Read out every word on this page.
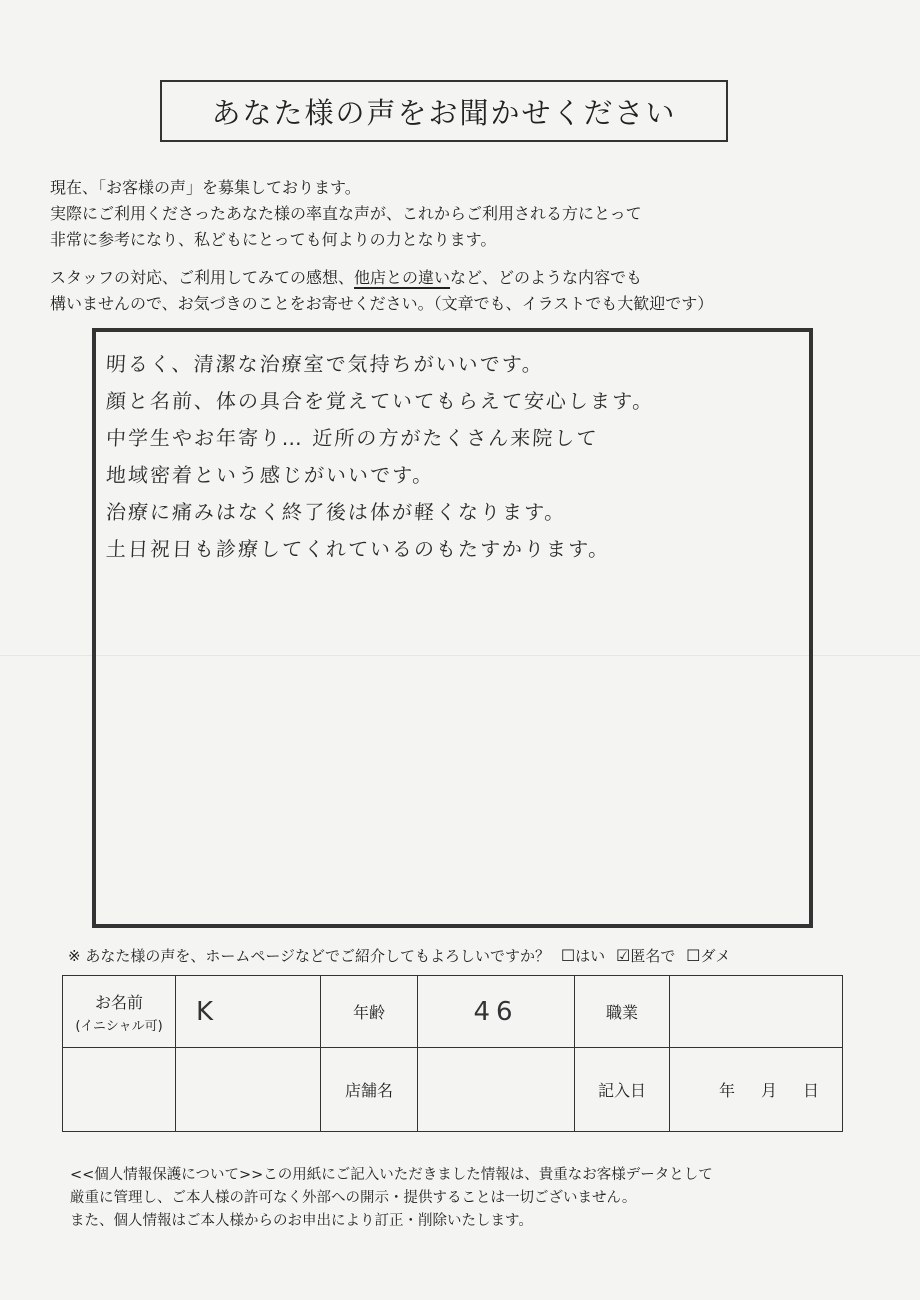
あなた様の声をお聞かせください

現在、「お客様の声」を募集しております。

実際にご利用くださったあなた様の率直な声が、これからご利用される方にとって

非常に参考になり、私どもにとっても何よりの力となります。

スタッフの対応、ご利用してみての感想、他店との違いなど、どのような内容でも

構いませんので、お気づきのことをお寄せください。（文章でも、イラストでも大歓迎です）

明るく、清潔な治療室で気持ちがいいです。
顔と名前、体の具合を覚えていてもらえて安心します。
中学生やお年寄り… 近所の方がたくさん来院して
地域密着という感じがいいです。
治療に痛みはなく終了後は体が軽くなります。
土日祝日も診療してくれているのもたすかります。
※ あなた様の声を、ホームページなどでご紹介してもよろしいですか？ ☐はい ☑匿名で ☐ダメ
お名前
(イニシャル可)	K	年齢	46	職業	
		店舗名		記入日	年 月 日

<<個人情報保護について>>この用紙にご記入いただきました情報は、貴重なお客様データとして

厳重に管理し、ご本人様の許可なく外部への開示・提供することは一切ございません。

また、個人情報はご本人様からのお申出により訂正・削除いたします。
